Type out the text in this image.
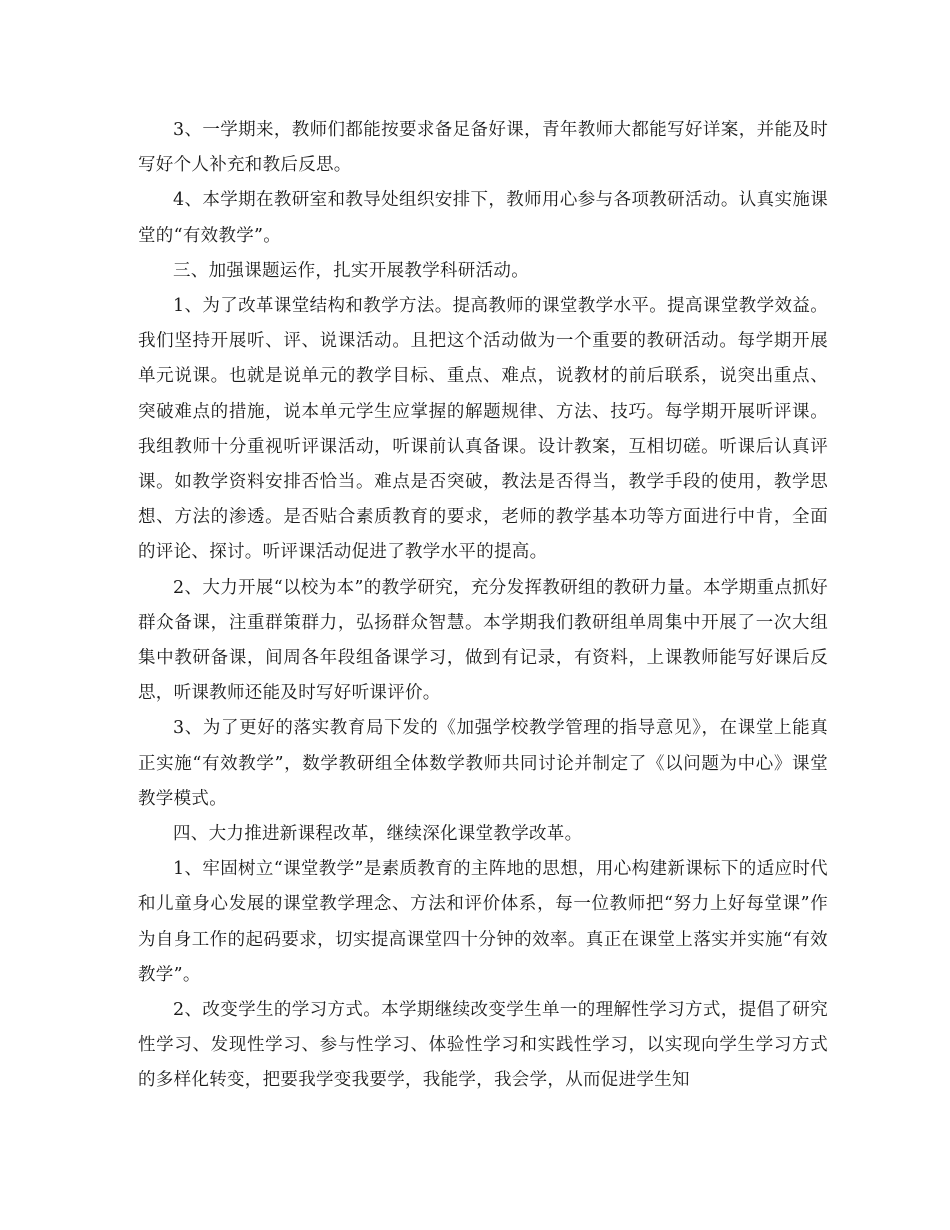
3、一学期来，教师们都能按要求备足备好课，青年教师大都能写好详案，并能及时写好个人补充和教后反思。

4、本学期在教研室和教导处组织安排下，教师用心参与各项教研活动。认真实施课堂的“有效教学”。

三、加强课题运作，扎实开展教学科研活动。

1、为了改革课堂结构和教学方法。提高教师的课堂教学水平。提高课堂教学效益。我们坚持开展听、评、说课活动。且把这个活动做为一个重要的教研活动。每学期开展单元说课。也就是说单元的教学目标、重点、难点，说教材的前后联系，说突出重点、突破难点的措施，说本单元学生应掌握的解题规律、方法、技巧。每学期开展听评课。我组教师十分重视听评课活动，听课前认真备课。设计教案，互相切磋。听课后认真评课。如教学资料安排否恰当。难点是否突破，教法是否得当，教学手段的使用，教学思想、方法的渗透。是否贴合素质教育的要求，老师的教学基本功等方面进行中肯，全面的评论、探讨。听评课活动促进了教学水平的提高。

2、大力开展“以校为本”的教学研究，充分发挥教研组的教研力量。本学期重点抓好群众备课，注重群策群力，弘扬群众智慧。本学期我们教研组单周集中开展了一次大组集中教研备课，间周各年段组备课学习，做到有记录，有资料，上课教师能写好课后反思，听课教师还能及时写好听课评价。

3、为了更好的落实教育局下发的《加强学校教学管理的指导意见》，在课堂上能真正实施“有效教学”，数学教研组全体数学教师共同讨论并制定了《以问题为中心》课堂教学模式。

四、大力推进新课程改革，继续深化课堂教学改革。

1、牢固树立“课堂教学”是素质教育的主阵地的思想，用心构建新课标下的适应时代和儿童身心发展的课堂教学理念、方法和评价体系，每一位教师把“努力上好每堂课”作为自身工作的起码要求，切实提高课堂四十分钟的效率。真正在课堂上落实并实施“有效教学”。

2、改变学生的学习方式。本学期继续改变学生单一的理解性学习方式，提倡了研究性学习、发现性学习、参与性学习、体验性学习和实践性学习，以实现向学生学习方式的多样化转变，把要我学变我要学，我能学，我会学，从而促进学生知
